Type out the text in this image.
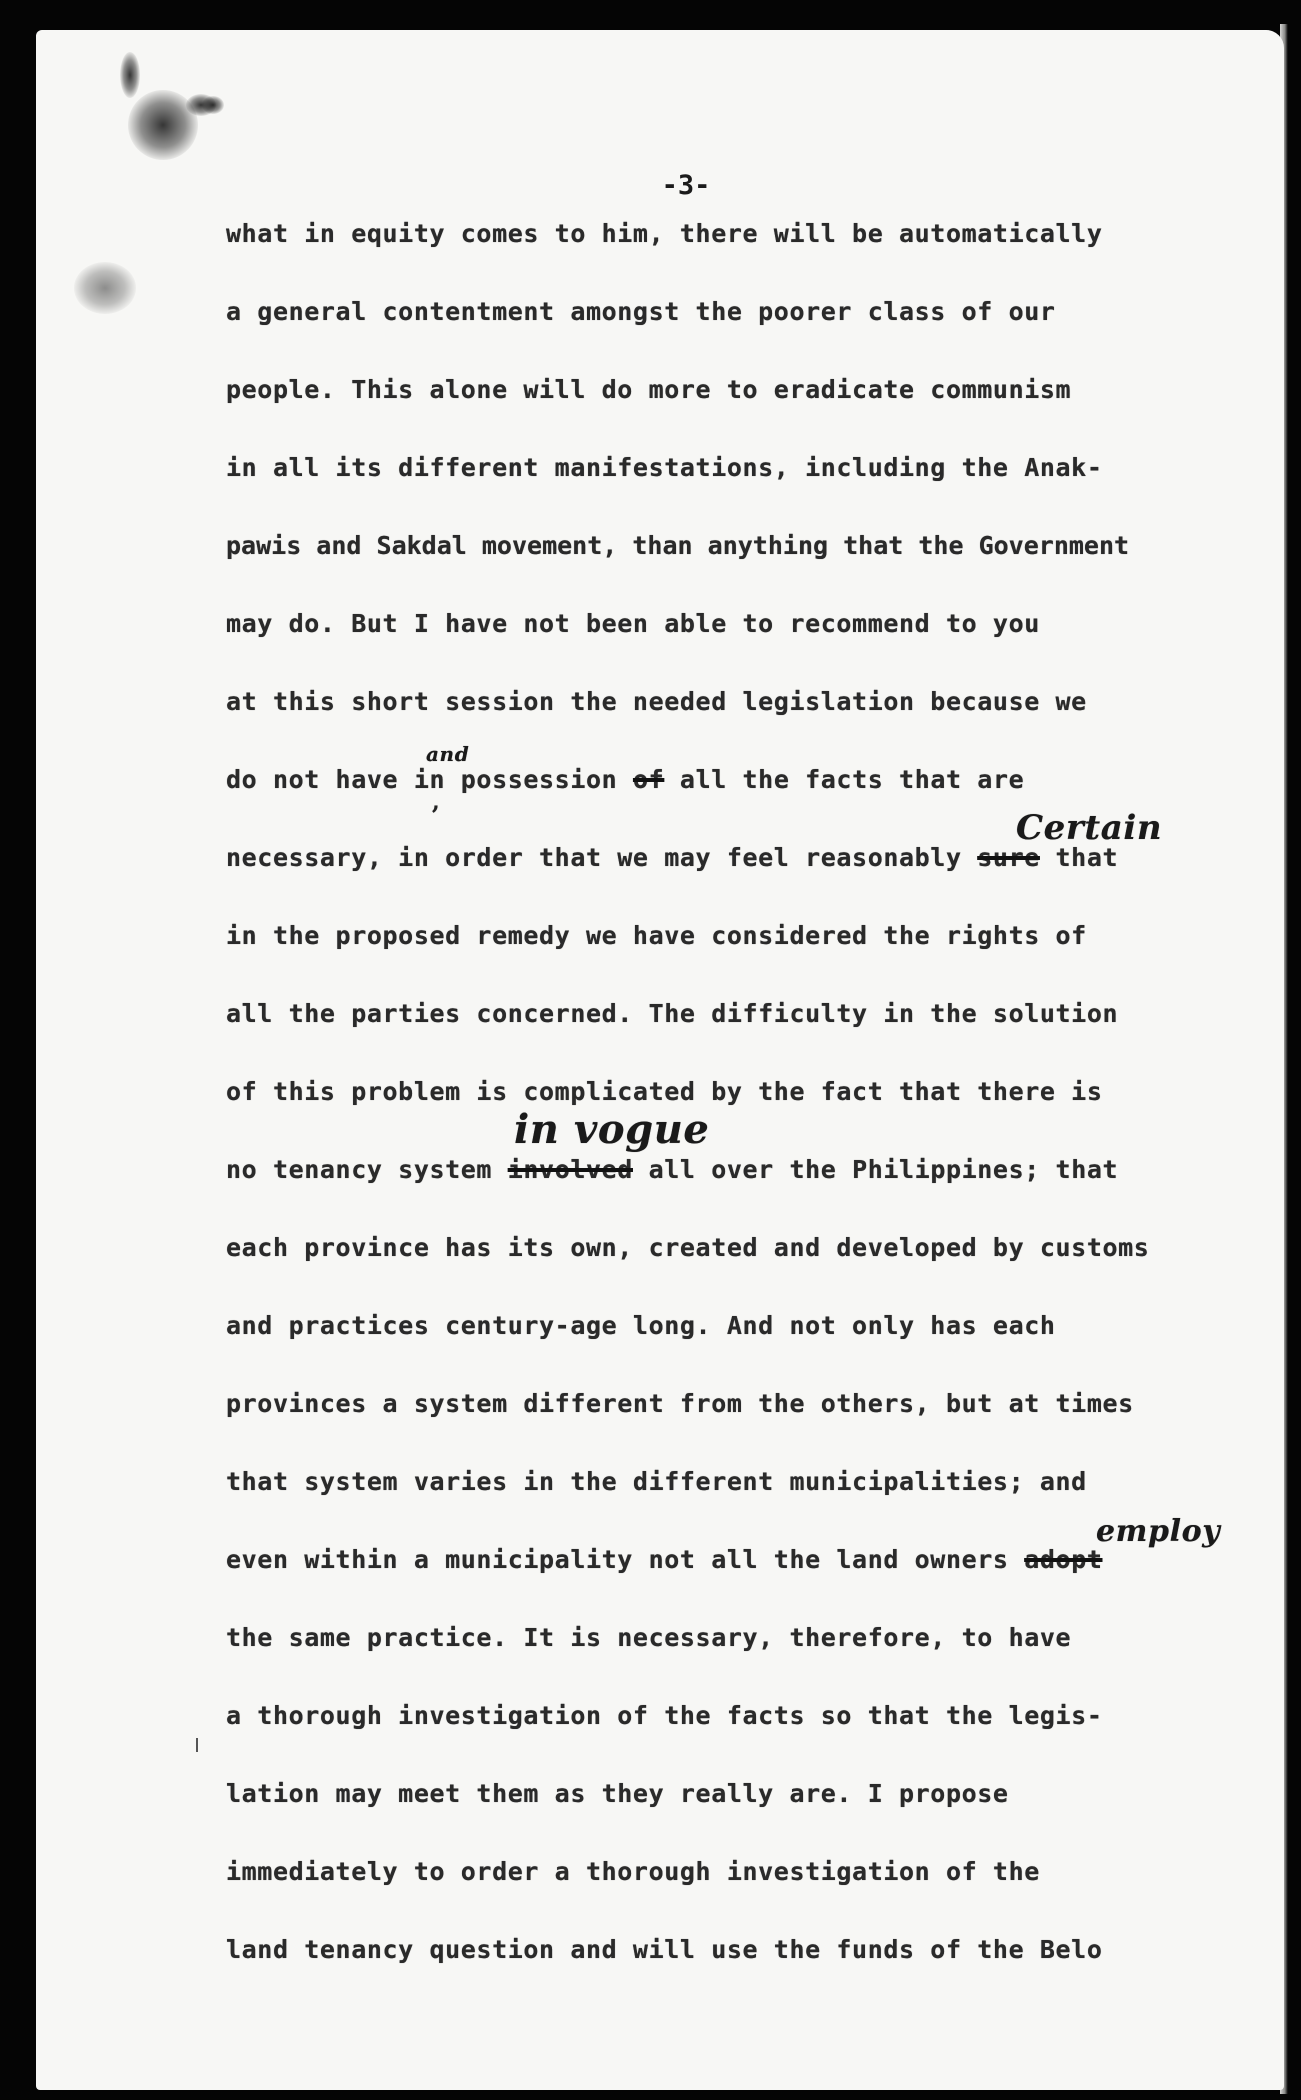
-3-
what in equity comes to him, there will be automatically
a general contentment amongst the poorer class of our
people. This alone will do more to eradicate communism
in all its different manifestations, including the Anak-
pawis and Sakdal movement, than anything that the Government
may do. But I have not been able to recommend to you
at this short session the needed legislation because we
do not have in possession of all the facts that are
and
,
necessary, in order that we may feel reasonably sure that
Certain
in the proposed remedy we have considered the rights of
all the parties concerned. The difficulty in the solution
of this problem is complicated by the fact that there is
no tenancy system involved all over the Philippines; that
in vogue
each province has its own, created and developed by customs
and practices century-age long. And not only has each
provinces a system different from the others, but at times
that system varies in the different municipalities; and
even within a municipality not all the land owners adopt
employ
the same practice. It is necessary, therefore, to have
a thorough investigation of the facts so that the legis-
lation may meet them as they really are. I propose
immediately to order a thorough investigation of the
land tenancy question and will use the funds of the Belo
